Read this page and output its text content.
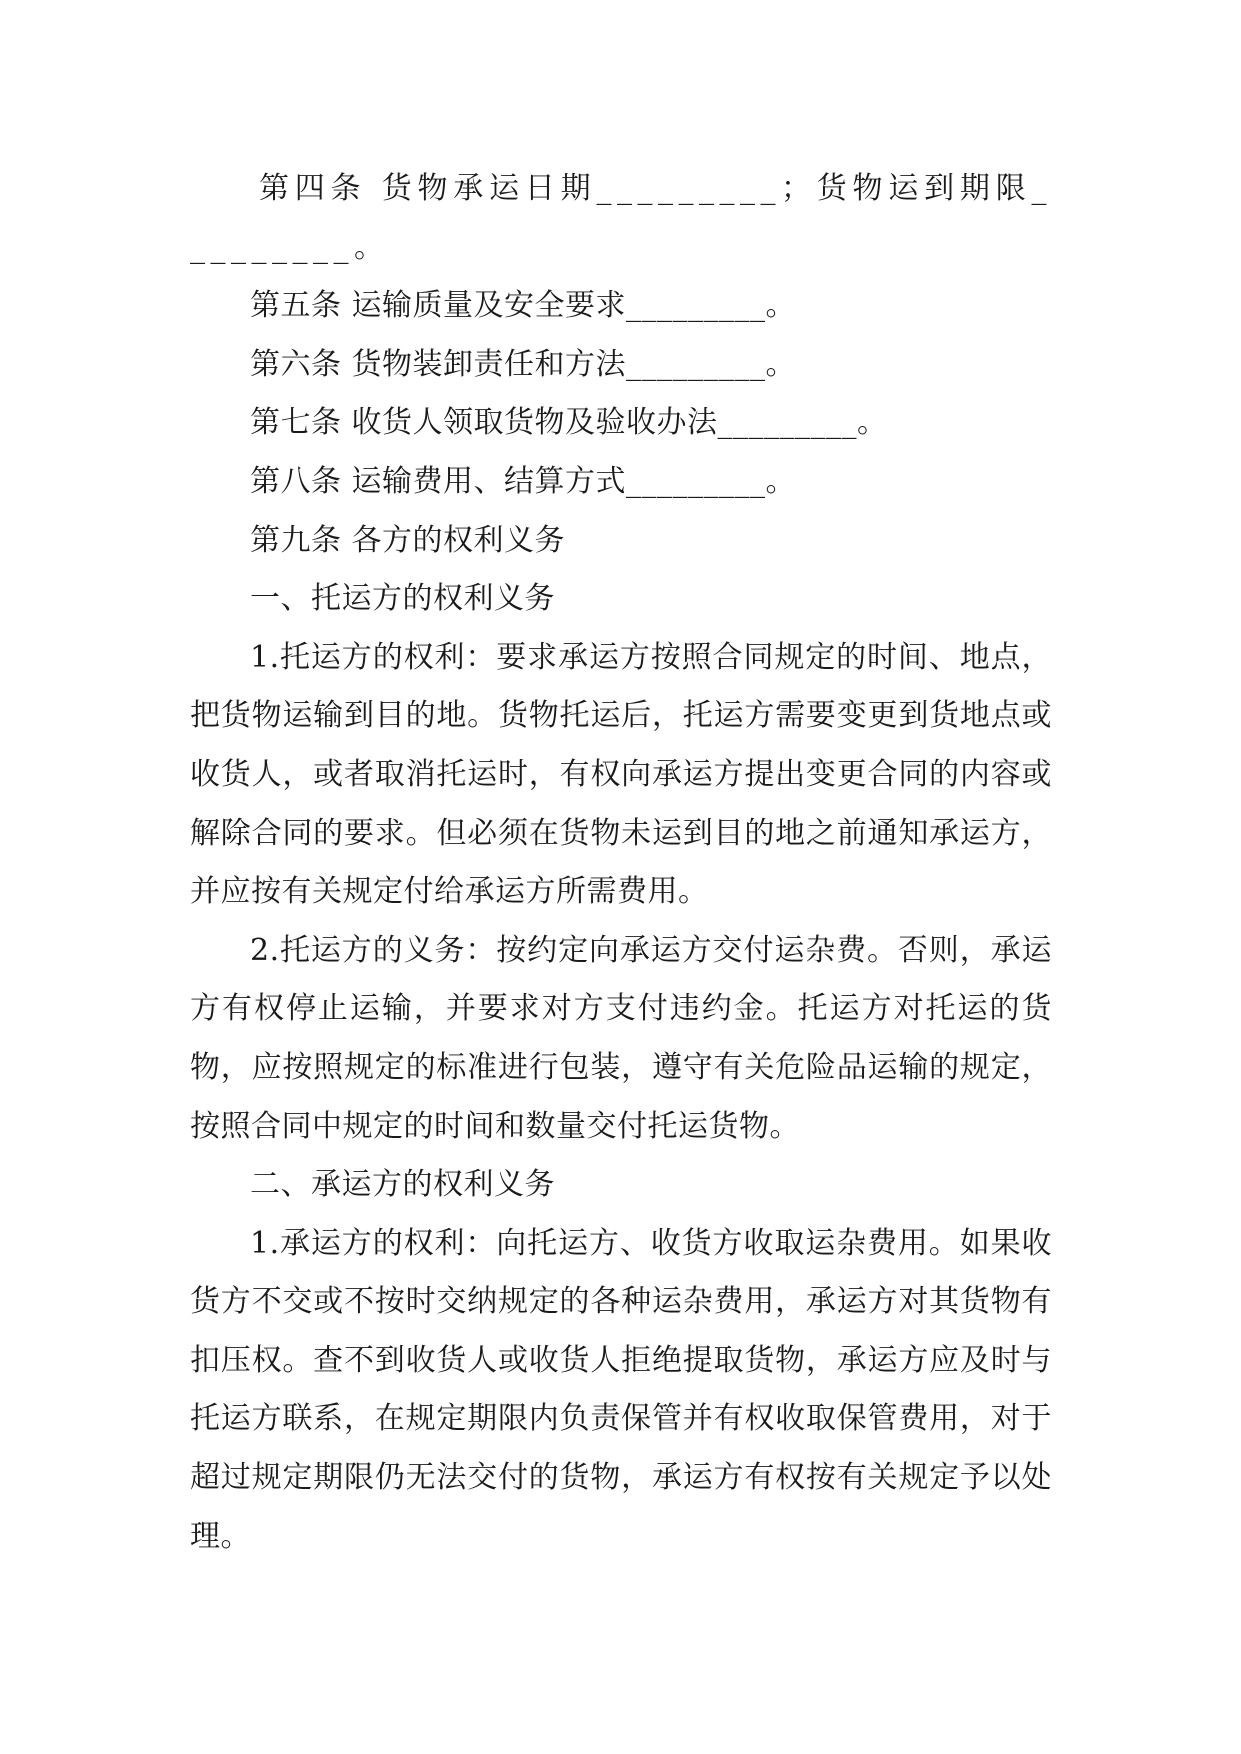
第四条 货物承运日期_________；货物运到期限_________。

第五条 运输质量及安全要求_________。

第六条 货物装卸责任和方法_________。

第七条 收货人领取货物及验收办法_________。

第八条 运输费用、结算方式_________。

第九条 各方的权利义务

一、托运方的权利义务

1.托运方的权利：要求承运方按照合同规定的时间、地点，把货物运输到目的地。货物托运后，托运方需要变更到货地点或收货人，或者取消托运时，有权向承运方提出变更合同的内容或解除合同的要求。但必须在货物未运到目的地之前通知承运方，并应按有关规定付给承运方所需费用。

2.托运方的义务：按约定向承运方交付运杂费。否则，承运方有权停止运输，并要求对方支付违约金。托运方对托运的货物，应按照规定的标准进行包装，遵守有关危险品运输的规定，按照合同中规定的时间和数量交付托运货物。

二、承运方的权利义务

1.承运方的权利：向托运方、收货方收取运杂费用。如果收货方不交或不按时交纳规定的各种运杂费用，承运方对其货物有扣压权。查不到收货人或收货人拒绝提取货物，承运方应及时与托运方联系，在规定期限内负责保管并有权收取保管费用，对于超过规定期限仍无法交付的货物，承运方有权按有关规定予以处理。
